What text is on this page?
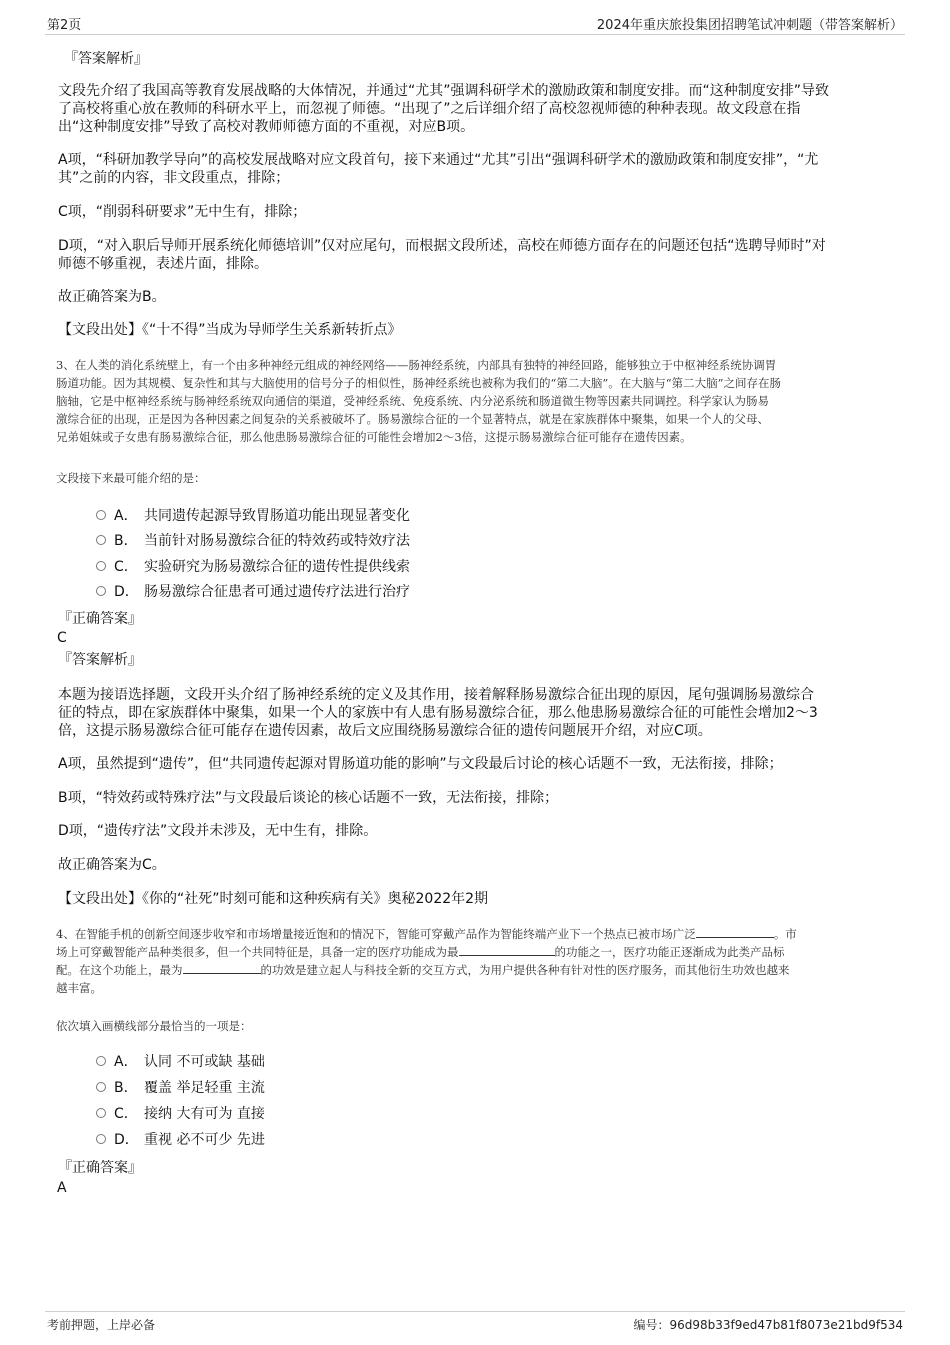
第2页	2024年重庆旅投集团招聘笔试冲刺题（带答案解析）
『答案解析』
文段先介绍了我国高等教育发展战略的大体情况，并通过“尤其”强调科研学术的激励政策和制度安排。而“这种制度安排”导致
了高校将重心放在教师的科研水平上，而忽视了师德。“出现了”之后详细介绍了高校忽视师德的种种表现。故文段意在指
出“这种制度安排”导致了高校对教师师德方面的不重视，对应B项。
A项，“科研加教学导向”的高校发展战略对应文段首句，接下来通过“尤其”引出“强调科研学术的激励政策和制度安排”，“尤
其”之前的内容，非文段重点，排除；
C项，“削弱科研要求”无中生有，排除；
D项，“对入职后导师开展系统化师德培训”仅对应尾句，而根据文段所述，高校在师德方面存在的问题还包括“选聘导师时”对
师德不够重视，表述片面，排除。
故正确答案为B。
【文段出处】《“十不得”当成为导师学生关系新转折点》
3、在人类的消化系统壁上，有一个由多种神经元组成的神经网络——肠神经系统，内部具有独特的神经回路，能够独立于中枢神经系统协调胃
肠道功能。因为其规模、复杂性和其与大脑使用的信号分子的相似性，肠神经系统也被称为我们的“第二大脑”。在大脑与“第二大脑”之间存在肠
脑轴，它是中枢神经系统与肠神经系统双向通信的渠道，受神经系统、免疫系统、内分泌系统和肠道微生物等因素共同调控。科学家认为肠易
激综合征的出现，正是因为各种因素之间复杂的关系被破坏了。肠易激综合征的一个显著特点，就是在家族群体中聚集，如果一个人的父母、
兄弟姐妹或子女患有肠易激综合征，那么他患肠易激综合征的可能性会增加2～3倍，这提示肠易激综合征可能存在遗传因素。
文段接下来最可能介绍的是：
A． 共同遗传起源导致胃肠道功能出现显著变化
B． 当前针对肠易激综合征的特效药或特效疗法
C． 实验研究为肠易激综合征的遗传性提供线索
D． 肠易激综合征患者可通过遗传疗法进行治疗
『正确答案』
C
『答案解析』
本题为接语选择题，文段开头介绍了肠神经系统的定义及其作用，接着解释肠易激综合征出现的原因，尾句强调肠易激综合
征的特点，即在家族群体中聚集，如果一个人的家族中有人患有肠易激综合征，那么他患肠易激综合征的可能性会增加2～3
倍，这提示肠易激综合征可能存在遗传因素，故后文应围绕肠易激综合征的遗传问题展开介绍，对应C项。
A项，虽然提到“遗传”，但“共同遗传起源对胃肠道功能的影响”与文段最后讨论的核心话题不一致，无法衔接，排除；
B项，“特效药或特殊疗法”与文段最后谈论的核心话题不一致，无法衔接，排除；
D项，“遗传疗法”文段并未涉及，无中生有，排除。
故正确答案为C。
【文段出处】《你的“社死”时刻可能和这种疾病有关》奥秘2022年2期
4、在智能手机的创新空间逐步收窄和市场增量接近饱和的情况下，智能可穿戴产品作为智能终端产业下一个热点已被市场广泛	。市
场上可穿戴智能产品种类很多，但一个共同特征是，具备一定的医疗功能成为最	的功能之一，医疗功能正逐渐成为此类产品标
配。在这个功能上，最为	的功效是建立起人与科技全新的交互方式，为用户提供各种有针对性的医疗服务，而其他衍生功效也越来
越丰富。
依次填入画横线部分最恰当的一项是：
A． 认同 不可或缺 基础
B． 覆盖 举足轻重 主流
C． 接纳 大有可为 直接
D． 重视 必不可少 先进
『正确答案』
A
考前押题，上岸必备	编号：96d98b33f9ed47b81f8073e21bd9f534
